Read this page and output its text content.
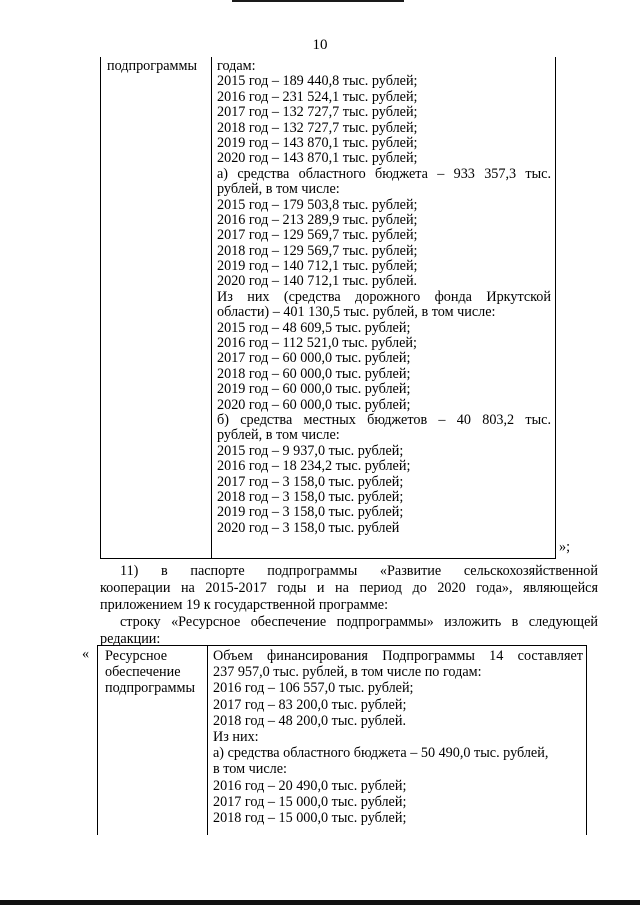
10
подпрограммы годам:
2015 год – 189 440,8 тыс. рублей;
2016 год – 231 524,1 тыс. рублей;
2017 год – 132 727,7 тыс. рублей;
2018 год – 132 727,7 тыс. рублей;
2019 год – 143 870,1 тыс. рублей;
2020 год – 143 870,1 тыс. рублей;
а) средства областного бюджета – 933 357,3 тыс.
рублей, в том числе:
2015 год – 179 503,8 тыс. рублей;
2016 год – 213 289,9 тыс. рублей;
2017 год – 129 569,7 тыс. рублей;
2018 год – 129 569,7 тыс. рублей;
2019 год – 140 712,1 тыс. рублей;
2020 год – 140 712,1 тыс. рублей.
Из них (средства дорожного фонда Иркутской
области) – 401 130,5 тыс. рублей, в том числе:
2015 год – 48 609,5 тыс. рублей;
2016 год – 112 521,0 тыс. рублей;
2017 год – 60 000,0 тыс. рублей;
2018 год – 60 000,0 тыс. рублей;
2019 год – 60 000,0 тыс. рублей;
2020 год – 60 000,0 тыс. рублей;
б) средства местных бюджетов – 40 803,2 тыс.
рублей, в том числе:
2015 год – 9 937,0 тыс. рублей;
2016 год – 18 234,2 тыс. рублей;
2017 год – 3 158,0 тыс. рублей;
2018 год – 3 158,0 тыс. рублей;
2019 год – 3 158,0 тыс. рублей;
2020 год – 3 158,0 тыс. рублей
»;
11) в паспорте подпрограммы «Развитие сельскохозяйственной
кооперации на 2015-2017 годы и на период до 2020 года», являющейся
приложением 19 к государственной программе:
строку «Ресурсное обеспечение подпрограммы» изложить в следующей
редакции:
« Ресурсное
обеспечение
подпрограммы
Объем финансирования Подпрограммы 14 составляет
237 957,0 тыс. рублей, в том числе по годам:
2016 год – 106 557,0 тыс. рублей;
2017 год – 83 200,0 тыс. рублей;
2018 год – 48 200,0 тыс. рублей.
Из них:
а) средства областного бюджета – 50 490,0 тыс. рублей,
в том числе:
2016 год – 20 490,0 тыс. рублей;
2017 год – 15 000,0 тыс. рублей;
2018 год – 15 000,0 тыс. рублей;
